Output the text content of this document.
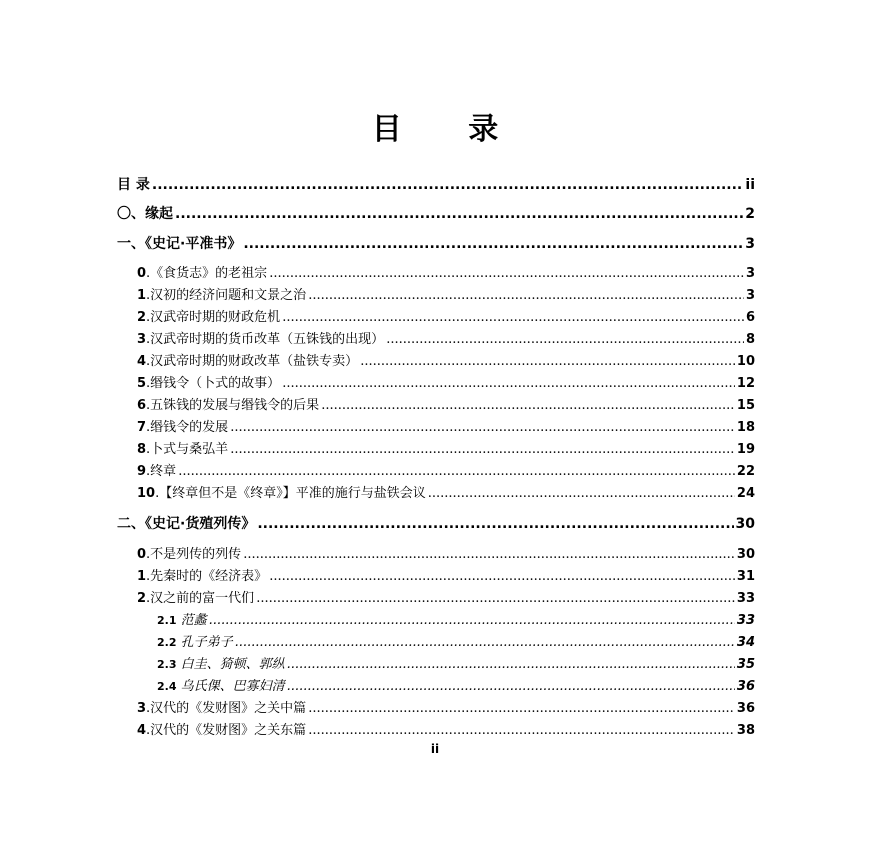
目 录
目 录 .....	ii
〇、缘起 .....	2
一、《史记·平准书》 .....	3
0.《食货志》的老祖宗 .....	3
1.汉初的经济问题和文景之治 .....	3
2.汉武帝时期的财政危机 .....	6
3.汉武帝时期的货币改革（五铢钱的出现） .....	8
4.汉武帝时期的财政改革（盐铁专卖） .....	10
5.缗钱令（卜式的故事） .....	12
6.五铢钱的发展与缗钱令的后果 .....	15
7.缗钱令的发展 .....	18
8.卜式与桑弘羊 .....	19
9.终章 .....	22
10.【终章但不是《终章》】平准的施行与盐铁会议 .....	24
二、《史记·货殖列传》 .....	30
0.不是列传的列传 .....	30
1.先秦时的《经济表》 .....	31
2.汉之前的富一代们 .....	33
2.1 范蠡 .....	33
2.2 孔子弟子 .....	34
2.3 白圭、猗顿、郭纵 .....	35
2.4 乌氏倮、巴寡妇清 .....	36
3.汉代的《发财图》之关中篇 .....	36
4.汉代的《发财图》之关东篇 .....	38
ii
